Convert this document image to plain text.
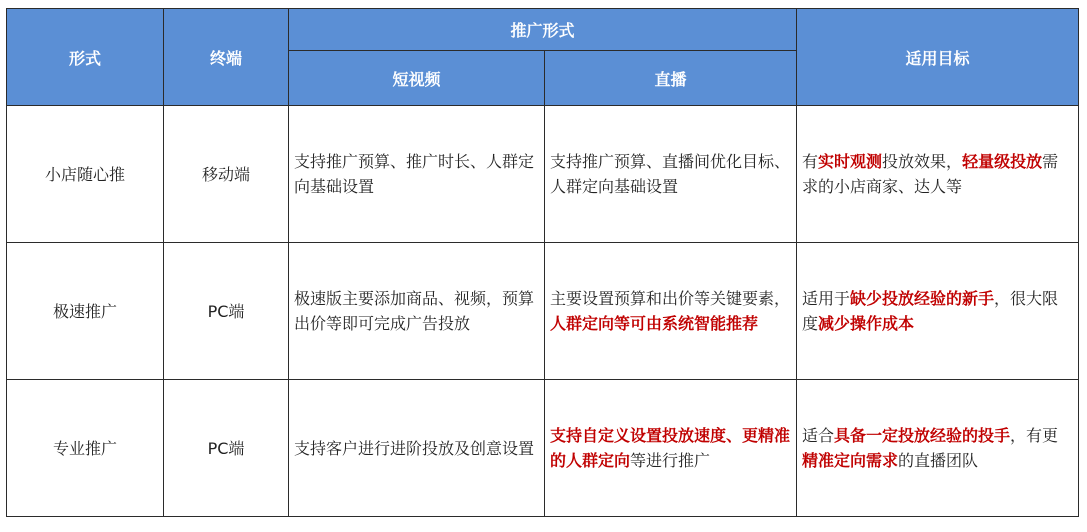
形式	终端	推广形式		适用目标
		短视频	直播	
小店随心推	移动端	支持推广预算、推广时长、人群定向基础设置	支持推广预算、直播间优化目标、人群定向基础设置	有实时观测投放效果，轻量级投放需求的小店商家、达人等
极速推广	PC端	极速版主要添加商品、视频，预算出价等即可完成广告投放	主要设置预算和出价等关键要素，人群定向等可由系统智能推荐	适用于缺少投放经验的新手，很大限度减少操作成本
专业推广	PC端	支持客户进行进阶投放及创意设置	支持自定义设置投放速度、更精准的人群定向等进行推广	适合具备一定投放经验的投手，有更精准定向需求的直播团队
